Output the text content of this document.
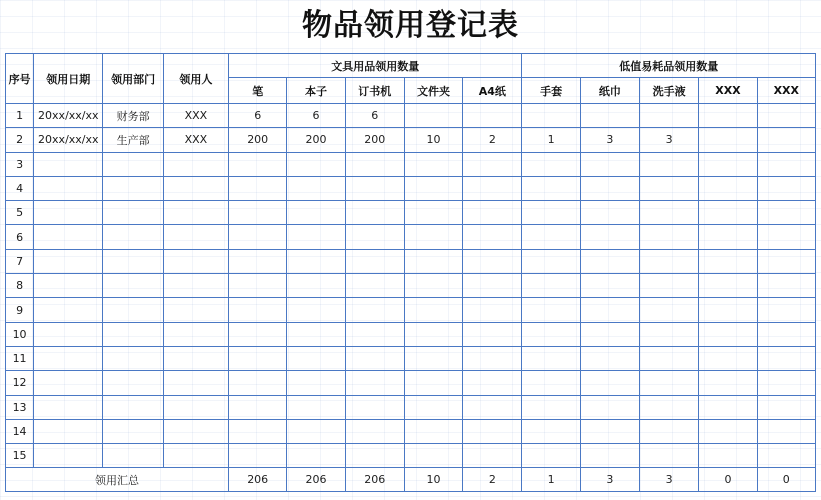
物品领用登记表
序号	领用日期	领用部门	领用人	文具用品领用数量					低值易耗品领用数量				
				笔	本子	订书机	文件夹	A4纸	手套	纸巾	洗手液	XXX	XXX
1	20xx/xx/xx	财务部	XXX	6	6	6							
2	20xx/xx/xx	生产部	XXX	200	200	200	10	2	1	3	3		
3													
4													
5													
6													
7													
8													
9													
10													
11													
12													
13													
14													
15													
领用汇总				206	206	206	10	2	1	3	3	0	0
